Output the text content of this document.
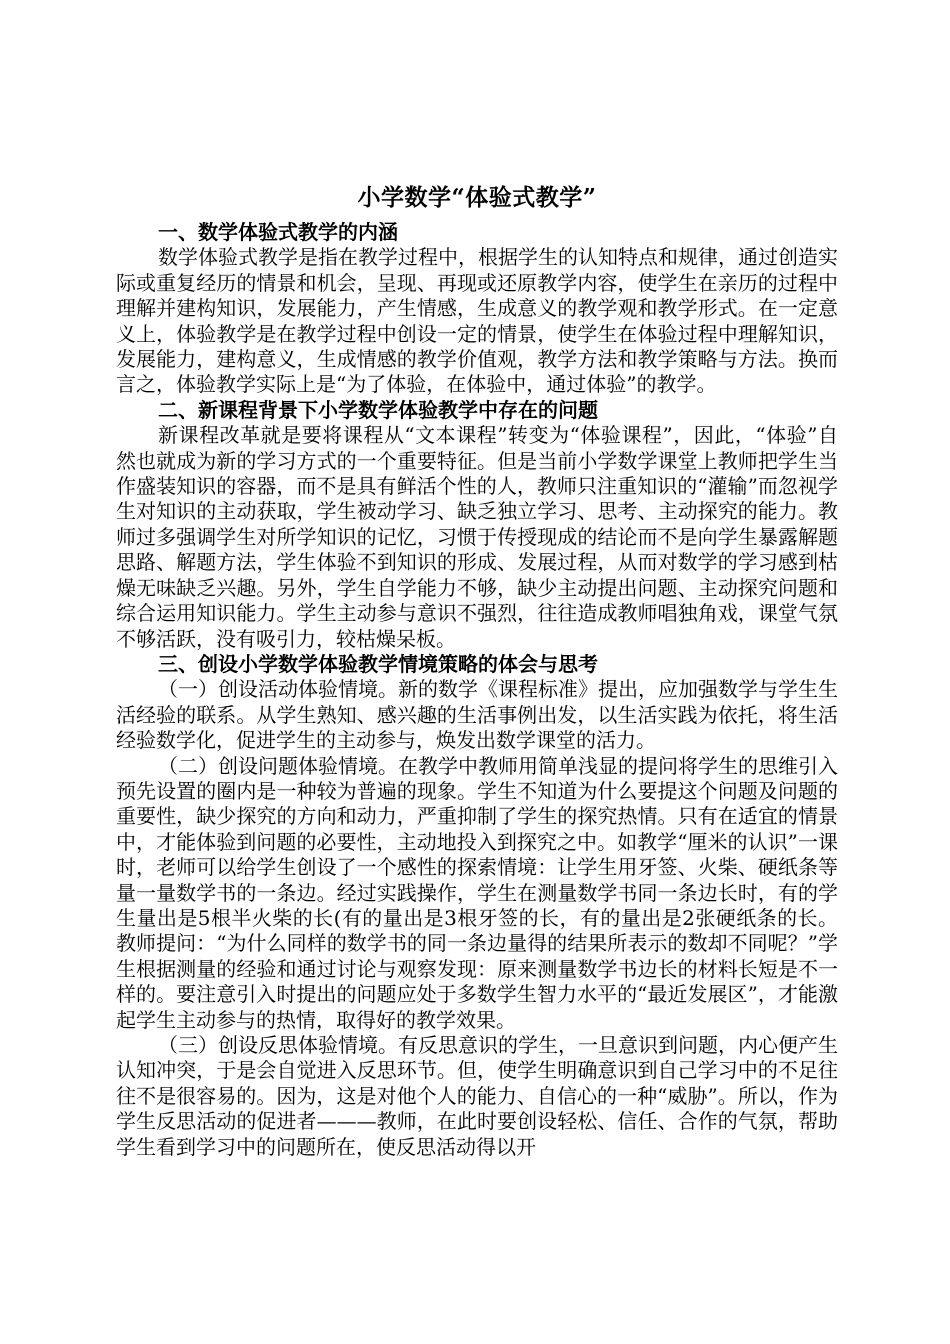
小学数学“体验式教学”
一、数学体验式教学的内涵

数学体验式教学是指在教学过程中，根据学生的认知特点和规律，通过创造实际或重复经历的情景和机会，呈现、再现或还原教学内容，使学生在亲历的过程中理解并建构知识，发展能力，产生情感，生成意义的教学观和教学形式。在一定意义上，体验教学是在教学过程中创设一定的情景，使学生在体验过程中理解知识，发展能力，建构意义，生成情感的教学价值观，教学方法和教学策略与方法。换而言之，体验教学实际上是“为了体验，在体验中，通过体验”的教学。

二、新课程背景下小学数学体验教学中存在的问题

新课程改革就是要将课程从“文本课程”转变为“体验课程”，因此，“体验”自然也就成为新的学习方式的一个重要特征。但是当前小学数学课堂上教师把学生当作盛装知识的容器，而不是具有鲜活个性的人，教师只注重知识的“灌输”而忽视学生对知识的主动获取，学生被动学习、缺乏独立学习、思考、主动探究的能力。教师过多强调学生对所学知识的记忆，习惯于传授现成的结论而不是向学生暴露解题思路、解题方法，学生体验不到知识的形成、发展过程，从而对数学的学习感到枯燥无味缺乏兴趣。另外，学生自学能力不够，缺少主动提出问题、主动探究问题和综合运用知识能力。学生主动参与意识不强烈，往往造成教师唱独角戏，课堂气氛不够活跃，没有吸引力，较枯燥呆板。

三、创设小学数学体验教学情境策略的体会与思考

（一）创设活动体验情境。新的数学《课程标准》提出，应加强数学与学生生活经验的联系。从学生熟知、感兴趣的生活事例出发，以生活实践为依托，将生活经验数学化，促进学生的主动参与，焕发出数学课堂的活力。

（二）创设问题体验情境。在教学中教师用简单浅显的提问将学生的思维引入预先设置的圈内是一种较为普遍的现象。学生不知道为什么要提这个问题及问题的重要性，缺少探究的方向和动力，严重抑制了学生的探究热情。只有在适宜的情景中，才能体验到问题的必要性，主动地投入到探究之中。如教学“厘米的认识”一课时，老师可以给学生创设了一个感性的探索情境：让学生用牙签、火柴、硬纸条等量一量数学书的一条边。经过实践操作，学生在测量数学书同一条边长时，有的学生量出是5根半火柴的长(有的量出是3根牙签的长，有的量出是2张硬纸条的长。教师提问：“为什么同样的数学书的同一条边量得的结果所表示的数却不同呢？”学生根据测量的经验和通过讨论与观察发现：原来测量数学书边长的材料长短是不一样的。要注意引入时提出的问题应处于多数学生智力水平的“最近发展区”，才能激起学生主动参与的热情，取得好的教学效果。

（三）创设反思体验情境。有反思意识的学生，一旦意识到问题，内心便产生认知冲突，于是会自觉进入反思环节。但，使学生明确意识到自己学习中的不足往往不是很容易的。因为，这是对他个人的能力、自信心的一种“威胁”。所以，作为学生反思活动的促进者———教师，在此时要创设轻松、信任、合作的气氛，帮助学生看到学习中的问题所在，使反思活动得以开
